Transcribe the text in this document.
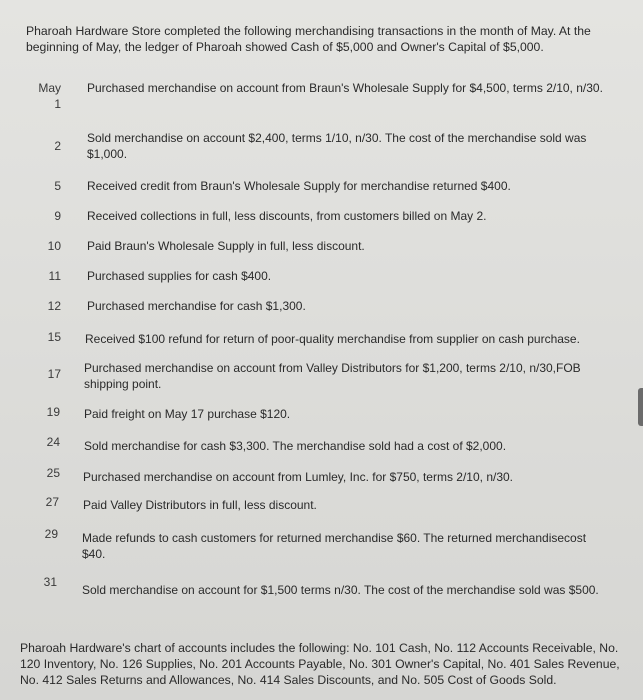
Pharoah Hardware Store completed the following merchandising transactions in the month of May. At the beginning of May, the ledger of Pharoah showed Cash of $5,000 and Owner's Capital of $5,000.
May
1
Purchased merchandise on account from Braun's Wholesale Supply for $4,500, terms 2/10, n/30.
2
Sold merchandise on account $2,400, terms 1/10, n/30. The cost of the merchandise sold was $1,000.
5 Received credit from Braun's Wholesale Supply for merchandise returned $400.
9 Received collections in full, less discounts, from customers billed on May 2.
10 Paid Braun's Wholesale Supply in full, less discount.
11 Purchased supplies for cash $400.
12 Purchased merchandise for cash $1,300.
15 Received $100 refund for return of poor-quality merchandise from supplier on cash purchase.
17 Purchased merchandise on account from Valley Distributors for $1,200, terms 2/10, n/30,FOB shipping point.
19 Paid freight on May 17 purchase $120.
24 Sold merchandise for cash $3,300. The merchandise sold had a cost of $2,000.
25 Purchased merchandise on account from Lumley, Inc. for $750, terms 2/10, n/30.
27 Paid Valley Distributors in full, less discount.
29 Made refunds to cash customers for returned merchandise $60. The returned merchandisecost $40.
31
Sold merchandise on account for $1,500 terms n/30. The cost of the merchandise sold was $500.
Pharoah Hardware's chart of accounts includes the following: No. 101 Cash, No. 112 Accounts Receivable, No. 120 Inventory, No. 126 Supplies, No. 201 Accounts Payable, No. 301 Owner's Capital, No. 401 Sales Revenue, No. 412 Sales Returns and Allowances, No. 414 Sales Discounts, and No. 505 Cost of Goods Sold.
